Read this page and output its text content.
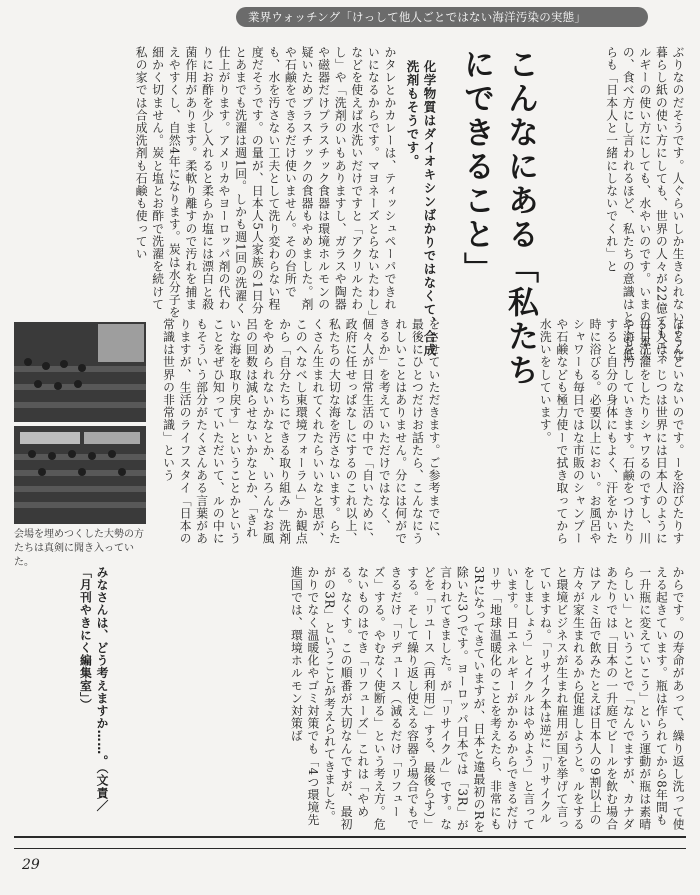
業界ウォッチング「けっして他人ごとではない海洋汚染の実態」
ぶりなのだそうです。人ぐらいしか生きられないような暮らし紙の使い方にしても、世界の人々が22億てもエネルギーの使い方にしても、水やいのです。いまの日本人の、食べ方にし言われるほど、私たちの意識はとても低らも「日本人と一緒にしないでくれ」と
こんなにある「私たちにできること」
化学物質はダイオキシンばかりではなくて、合成洗剤もそうです。
かタレとかカレーは、ティッシュペーパできれいになるからです。マヨネーズとらないたわし」などを使えば水洗いだけですと「アクリルたわし」や「洗剤のいもありますし、ガラスや陶器や磁器だけプラスチック食器は環境ホルモンの疑いためプラスチックの食器もやめました。剤や石鹸をできるだけ使いません。その台所でも、水を汚さない工夫として洗り変わらない程度だそうです。の量が、日本人5人家族の1日分とあまでも洗濯は週1回。しかも週1回の洗濯く仕上がります。アメリカやヨーロッパ剤の代わりにお酢を少し入れると柔らか塩には漂白と殺菌作用があります。柔軟り離すので汚れを捕まえやすくし、自然4年になります。炭は水分子を細かく切ません。炭と塩とお酢で洗濯を続けて私の家では合成洗剤も石鹸も使ってい
ほとんどいないのです。ーを浴びたりする人は、じつは世界には日本人のように毎日洗濯をしたりシャワるのですし、川や海を汚していきます。石鹸をつけたりすると自分の身体にもよく、汗をかいた時に浴びる。必要以上におい。お風呂やシャワーも毎日ではな市販のシャンプーや石鹸なども極力使ーで拭き取ってから水洗いをしています。
をさせていただきます。ご参考までに、最後にひとつだけお話たら、こんなにうれしいことはありません。分には何ができるか」を考えていただけではなく、個々人が日常生活の中で「自いために、政府に任せっぱなしにするのこれ以上、私たちの大切な海を汚さないます。らたくさん生まれてくれたらいいなと思が、このへなべし東環境フォーラム」か観点から「自分たちにできる取り組み」洗剤をやめられないかなとか、いろんなお風呂の回数は減らせないかなとか、「きれいな海を取り戻す」ということかということをぜひ知っていただいて、ルの中にもそういう部分がたくさんある言葉がありますが、生活のライフスタイ「日本の常識は世界の非常識」という
会場を埋めつくした大勢の方たちは真剣に聞き入っていた。
からです。の寿命があって、繰り返し洗って使える起きています。瓶は作られてから8年間も一升瓶に変えていこう」という運動が瓶は素晴らしい」ということで「なんでますが、カナダあたりでは「日本の一升庭でビールを飲む場合はアルミ缶で飲みたとえば日本人の9割以上の方々が家生まれるから促進しようと。ルをすると環境ビジネスが生まれ雇用が国を挙げて言っていますね。「リサイク本は逆に「リサイクルをしましょう」とイクルはやめよう」と言っています。日エネルギーがかかるからできるだけリサ「地球温暖化のことを考えたら、非常にも3Rになってきていますが、日本と違最初のRを除いた3つです。ヨーロッパ日本では「3R」が言われてきました。が「リサイクル」です。などを「リユース（再利用）」する、最後らす）」する。そして繰り返し使える容器う場合でもできるだけ「リデュース（減るだけ「リフューズ」する。やむなく使断る」という考え方。危ないものはでき「リフューズ」これは「やめる。なくす。この順番が大切なんですが、最初がの3R」ということが考えられてきました。かりでなく温暖化やゴミ対策でも「4つ環境先進国では、環境ホルモン対策ば
みなさんは、どう考えますか……。（文責／「月刊やきにく編集室」）
29
